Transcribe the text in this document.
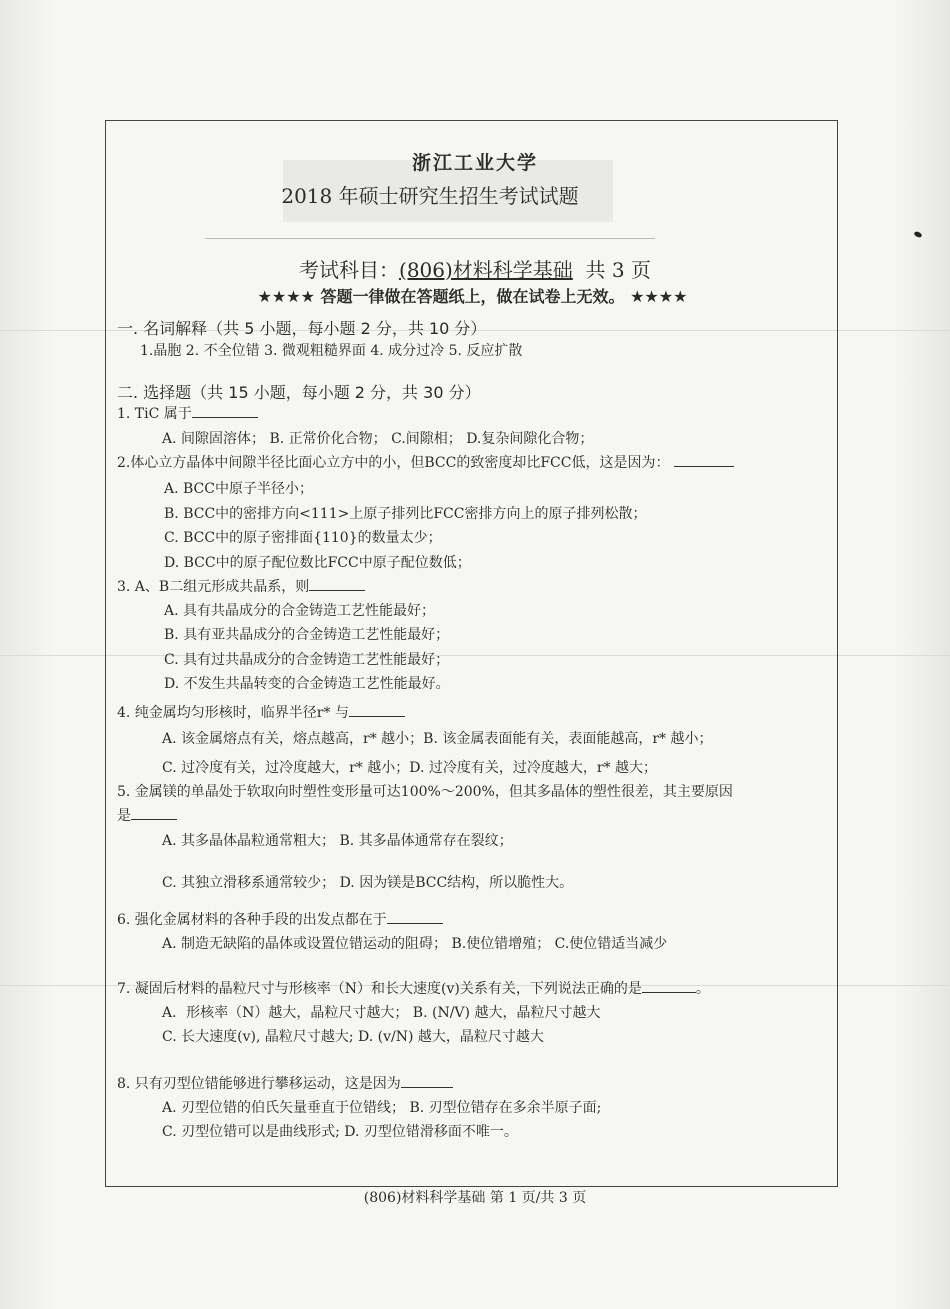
浙江工业大学
2018 年硕士研究生招生考试试题
考试科目：(806)材料科学基础 共 3 页
★★★★ 答题一律做在答题纸上，做在试卷上无效。 ★★★★
一. 名词解释（共 5 小题，每小题 2 分，共 10 分）
1.晶胞 2. 不全位错 3. 微观粗糙界面 4. 成分过冷 5. 反应扩散
二. 选择题（共 15 小题，每小题 2 分，共 30 分）
1. TiC 属于
A. 间隙固溶体； B. 正常价化合物； C.间隙相； D.复杂间隙化合物；
2.体心立方晶体中间隙半径比面心立方中的小，但BCC的致密度却比FCC低，这是因为：
A. BCC中原子半径小；
B. BCC中的密排方向<111>上原子排列比FCC密排方向上的原子排列松散；
C. BCC中的原子密排面{110}的数量太少；
D. BCC中的原子配位数比FCC中原子配位数低；
3. A、B二组元形成共晶系，则
A. 具有共晶成分的合金铸造工艺性能最好；
B. 具有亚共晶成分的合金铸造工艺性能最好；
C. 具有过共晶成分的合金铸造工艺性能最好；
D. 不发生共晶转变的合金铸造工艺性能最好。
4. 纯金属均匀形核时，临界半径r* 与
A. 该金属熔点有关，熔点越高，r* 越小；B. 该金属表面能有关，表面能越高，r* 越小；
C. 过冷度有关，过冷度越大，r* 越小；D. 过冷度有关，过冷度越大，r* 越大；
5. 金属镁的单晶处于软取向时塑性变形量可达100%～200%，但其多晶体的塑性很差，其主要原因
是
A. 其多晶体晶粒通常粗大； B. 其多晶体通常存在裂纹；
C. 其独立滑移系通常较少； D. 因为镁是BCC结构，所以脆性大。
6. 强化金属材料的各种手段的出发点都在于
A. 制造无缺陷的晶体或设置位错运动的阻碍； B.使位错增殖； C.使位错适当减少
7. 凝固后材料的晶粒尺寸与形核率（N）和长大速度(v)关系有关，下列说法正确的是	。
A．形核率（N）越大，晶粒尺寸越大； B. (N/V) 越大，晶粒尺寸越大
C. 长大速度(v), 晶粒尺寸越大; D. (v/N) 越大，晶粒尺寸越大
8. 只有刃型位错能够进行攀移运动，这是因为
A. 刃型位错的伯氏矢量垂直于位错线； B. 刃型位错存在多余半原子面;
C. 刃型位错可以是曲线形式; D. 刃型位错滑移面不唯一。
(806)材料科学基础 第 1 页/共 3 页
